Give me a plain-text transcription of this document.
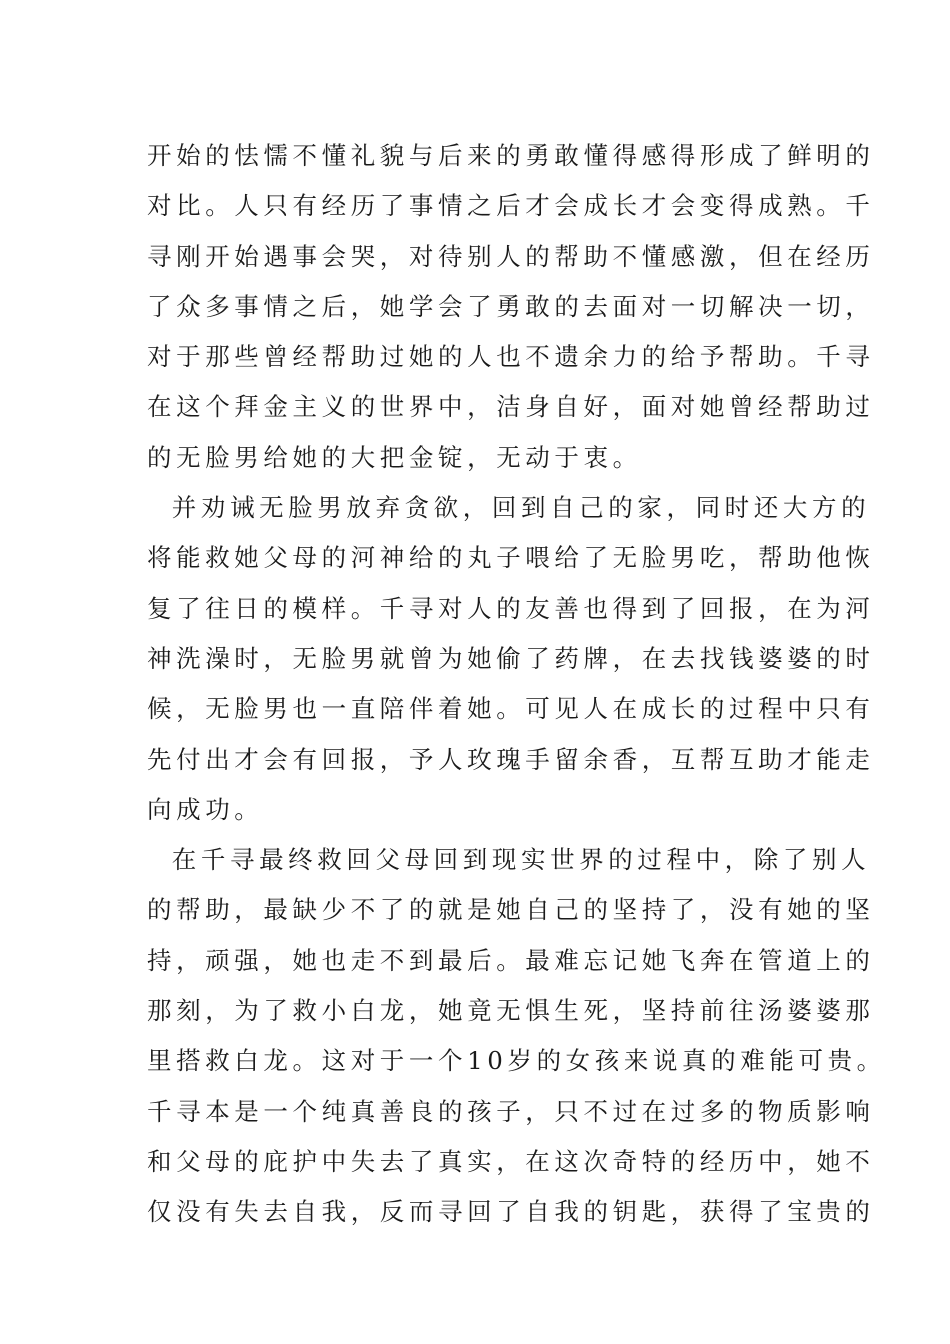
开始的怯懦不懂礼貌与后来的勇敢懂得感得形成了鲜明的
对比。人只有经历了事情之后才会成长才会变得成熟。千
寻刚开始遇事会哭，对待别人的帮助不懂感激，但在经历
了众多事情之后，她学会了勇敢的去面对一切解决一切，
对于那些曾经帮助过她的人也不遗余力的给予帮助。千寻
在这个拜金主义的世界中，洁身自好，面对她曾经帮助过
的无脸男给她的大把金锭，无动于衷。
并劝诫无脸男放弃贪欲，回到自己的家，同时还大方的
将能救她父母的河神给的丸子喂给了无脸男吃，帮助他恢
复了往日的模样。千寻对人的友善也得到了回报，在为河
神洗澡时，无脸男就曾为她偷了药牌，在去找钱婆婆的时
候，无脸男也一直陪伴着她。可见人在成长的过程中只有
先付出才会有回报，予人玫瑰手留余香，互帮互助才能走
向成功。
在千寻最终救回父母回到现实世界的过程中，除了别人
的帮助，最缺少不了的就是她自己的坚持了，没有她的坚
持，顽强，她也走不到最后。最难忘记她飞奔在管道上的
那刻，为了救小白龙，她竟无惧生死，坚持前往汤婆婆那
里搭救白龙。这对于一个10岁的女孩来说真的难能可贵。
千寻本是一个纯真善良的孩子，只不过在过多的物质影响
和父母的庇护中失去了真实，在这次奇特的经历中，她不
仅没有失去自我，反而寻回了自我的钥匙，获得了宝贵的
